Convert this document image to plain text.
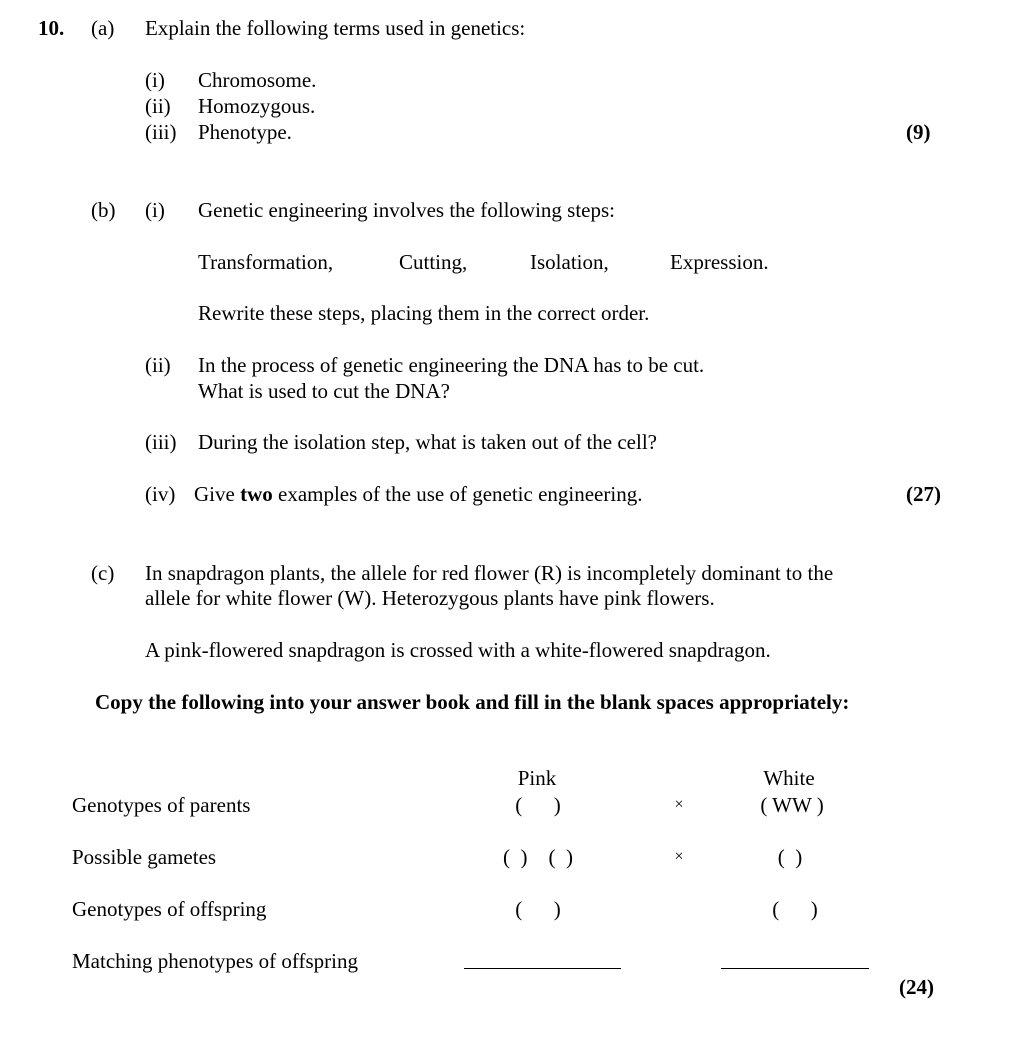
10. (a) Explain the following terms used in genetics:
(i) Chromosome.
(ii) Homozygous.
(iii) Phenotype.	(9)
(b) (i) Genetic engineering involves the following steps:
Transformation,	Cutting,	Isolation,	Expression.
Rewrite these steps, placing them in the correct order.
(ii) In the process of genetic engineering the DNA has to be cut.
What is used to cut the DNA?
(iii) During the isolation step, what is taken out of the cell?
(iv) Give two examples of the use of genetic engineering.	(27)
(c) In snapdragon plants, the allele for red flower (R) is incompletely dominant to the
allele for white flower (W). Heterozygous plants have pink flowers.
A pink-flowered snapdragon is crossed with a white-flowered snapdragon.
Copy the following into your answer book and fill in the blank spaces appropriately:
Pink	White
Genotypes of parents	(      )	×	( WW )
Possible gametes	(  )    (  )	×	(  )
Genotypes of offspring	(      )	(      )
Matching phenotypes of offspring
(24)
